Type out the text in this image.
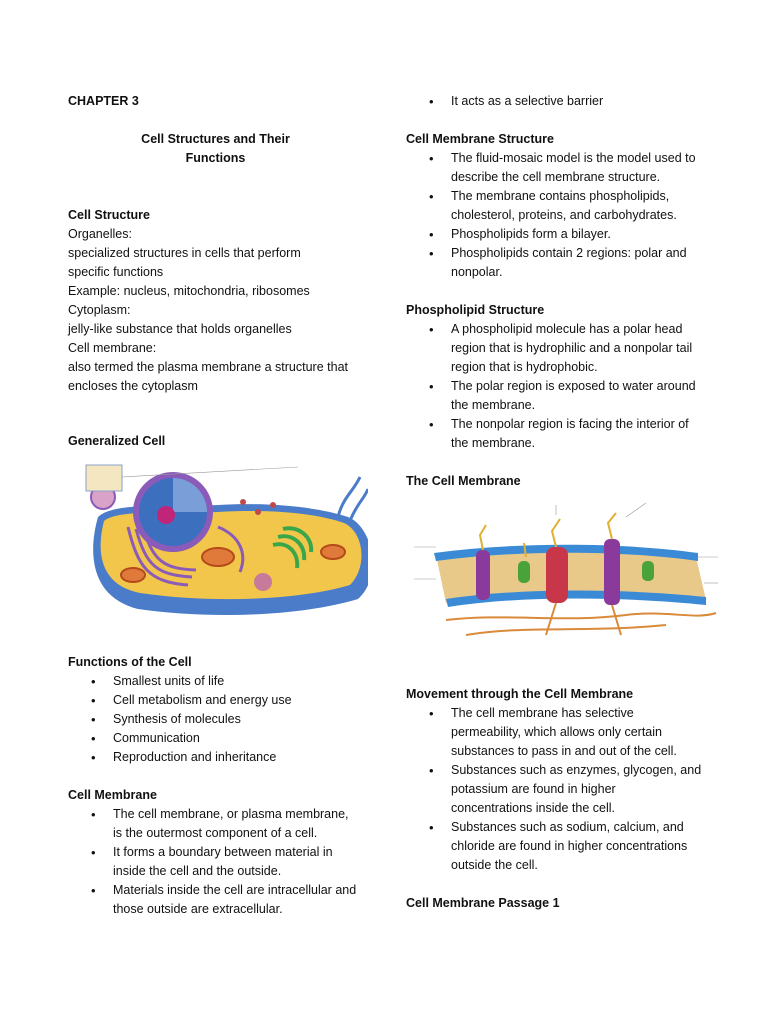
CHAPTER 3
Cell Structures and Their
Functions
Cell Structure
Organelles:
specialized structures in cells that perform
specific functions
Example: nucleus, mitochondria, ribosomes
Cytoplasm:
jelly-like substance that holds organelles
Cell membrane:
also termed the plasma membrane a structure that
encloses the cytoplasm
Generalized Cell
Functions of the Cell
• Smallest units of life
• Cell metabolism and energy use
• Synthesis of molecules
• Communication
• Reproduction and inheritance
Cell Membrane
• The cell membrane, or plasma membrane,
is the outermost component of a cell.
• It forms a boundary between material in
inside the cell and the outside.
• Materials inside the cell are intracellular and
those outside are extracellular.
• It acts as a selective barrier
Cell Membrane Structure
• The fluid-mosaic model is the model used to
describe the cell membrane structure.
• The membrane contains phospholipids,
cholesterol, proteins, and carbohydrates.
• Phospholipids form a bilayer.
• Phospholipids contain 2 regions: polar and
nonpolar.
Phospholipid Structure
• A phospholipid molecule has a polar head
region that is hydrophilic and a nonpolar tail
region that is hydrophobic.
• The polar region is exposed to water around
the membrane.
• The nonpolar region is facing the interior of
the membrane.
The Cell Membrane
Movement through the Cell Membrane
• The cell membrane has selective
permeability, which allows only certain
substances to pass in and out of the cell.
• Substances such as enzymes, glycogen, and
potassium are found in higher
concentrations inside the cell.
• Substances such as sodium, calcium, and
chloride are found in higher concentrations
outside the cell.
Cell Membrane Passage 1
